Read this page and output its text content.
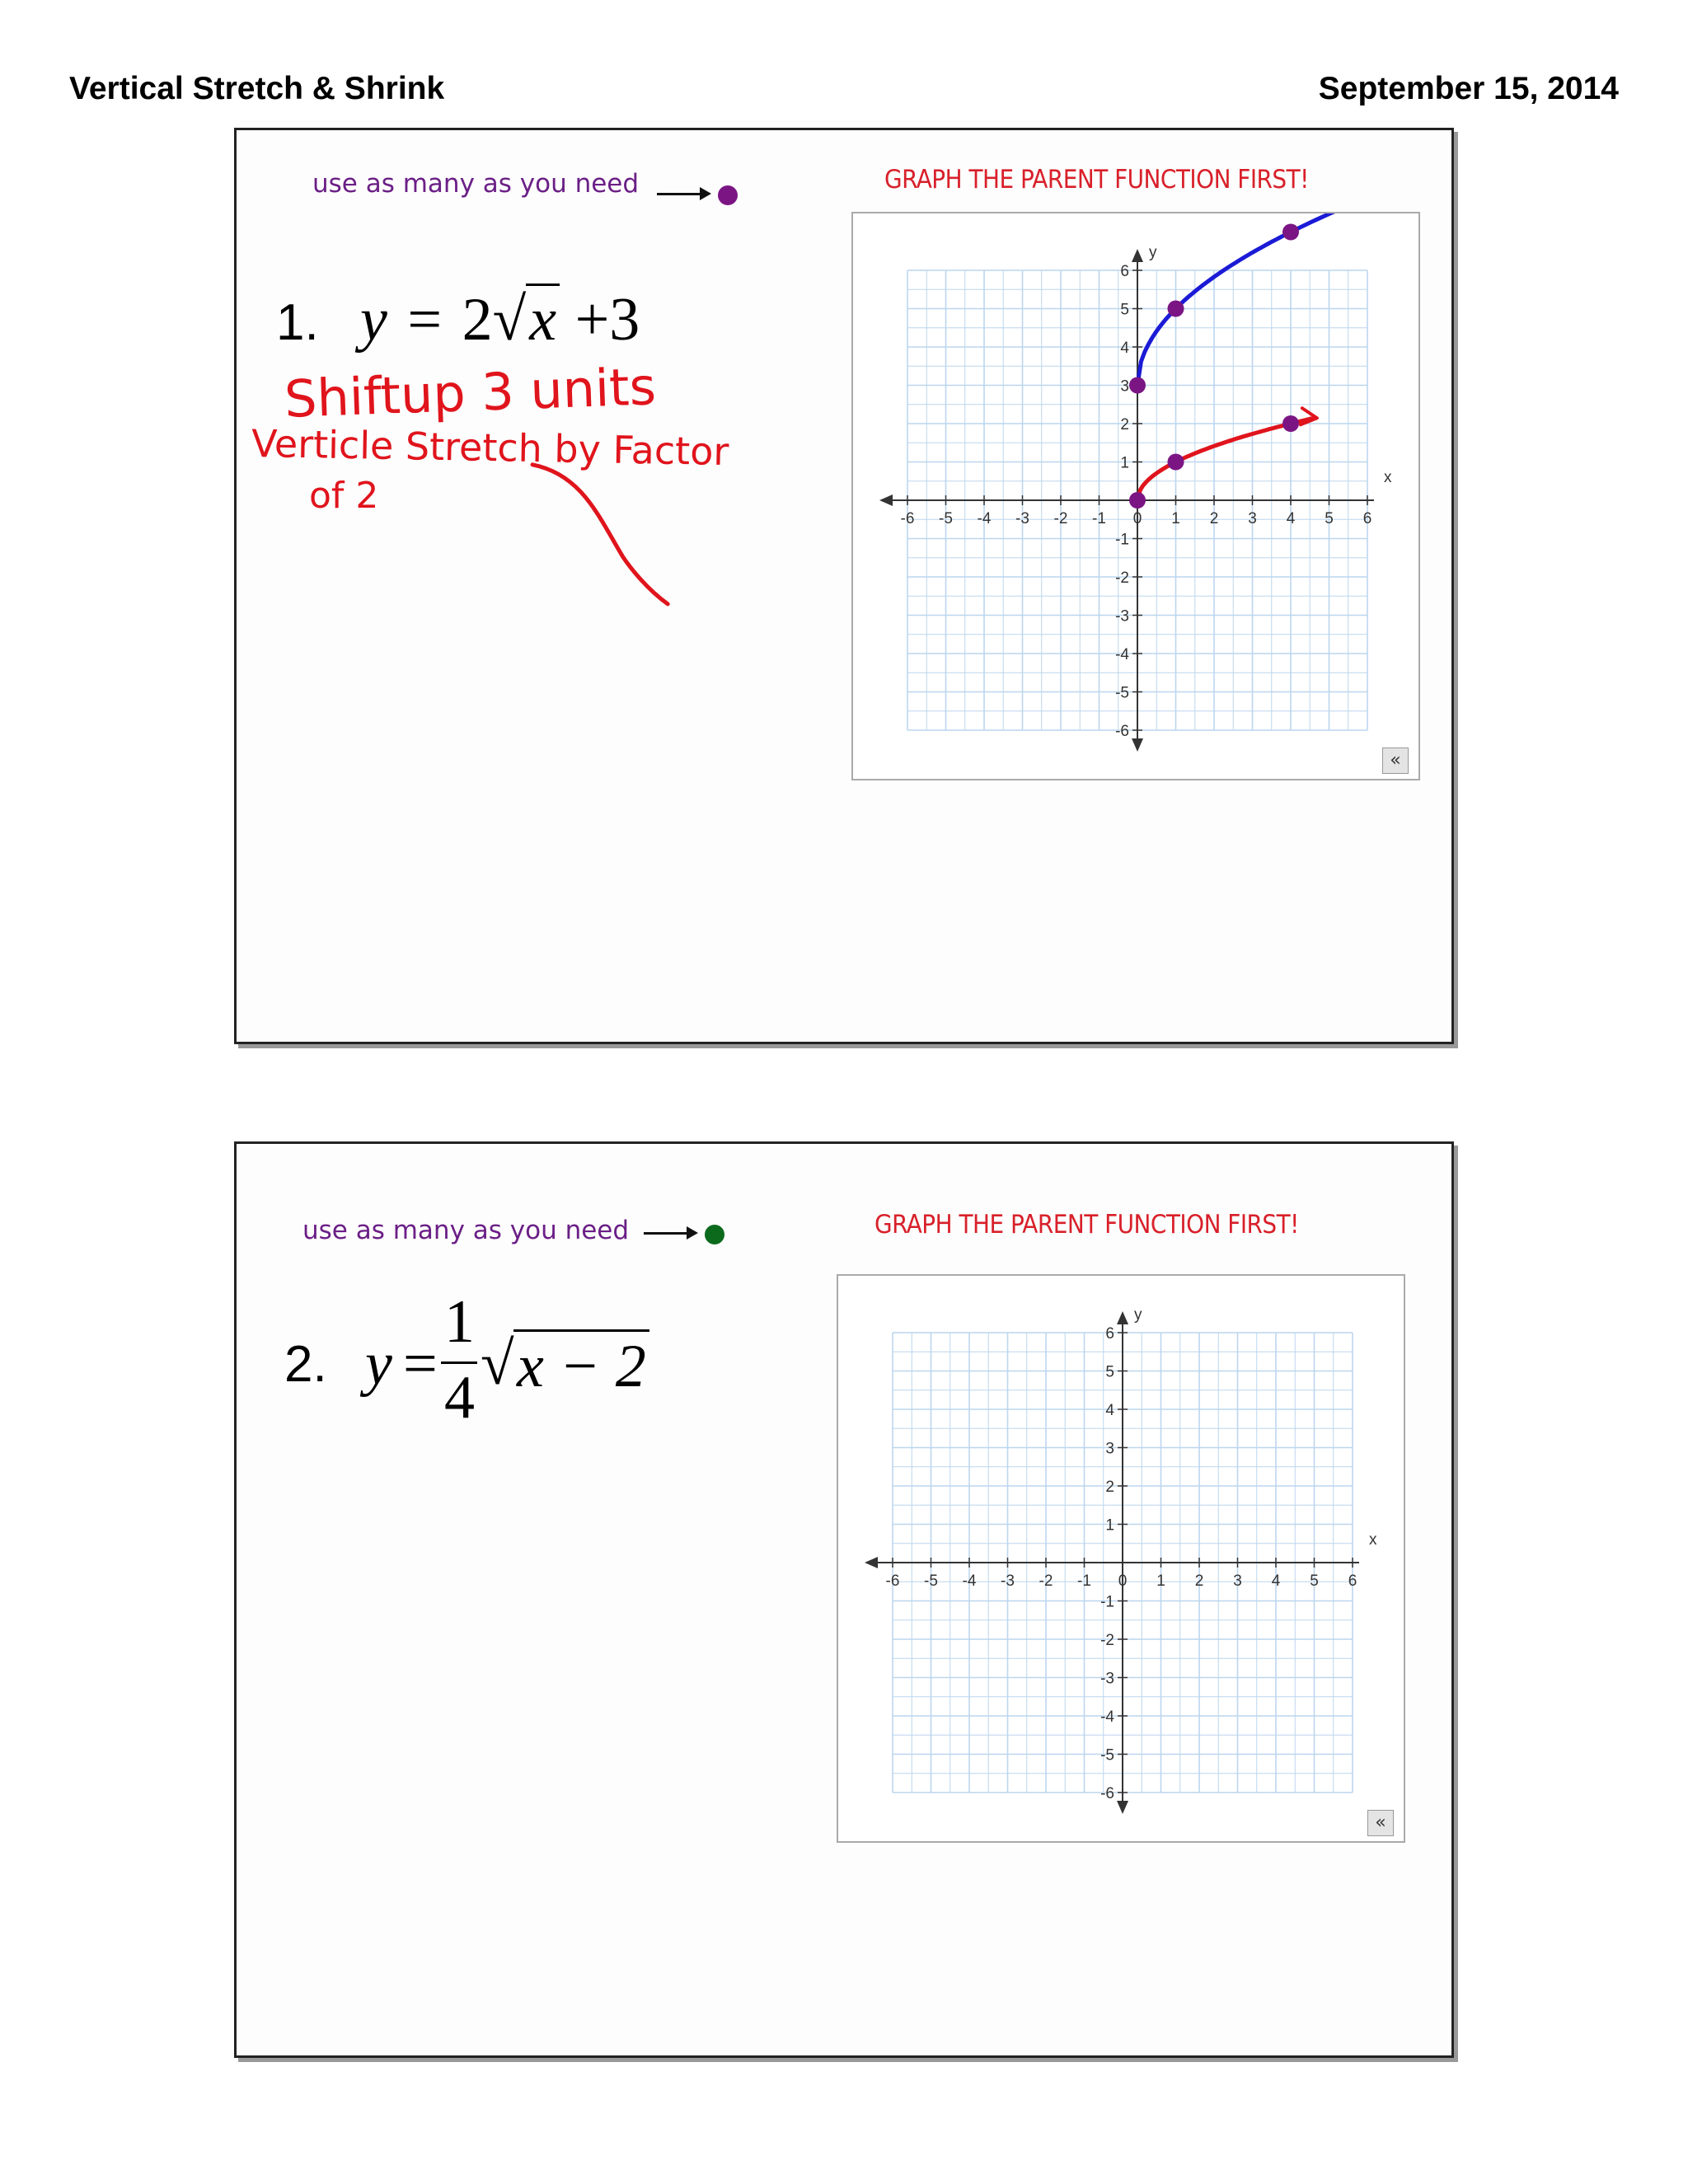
Vertical Stretch & Shrink	September 15, 2014
use as many as you need	GRAPH THE PARENT FUNCTION FIRST!
1. y = 2√x +3
Shiftup 3 units
Verticle Stretch by Factor
of 2
-6 -5 -4 -3 -2 -1 0 1 2 3 4 5 6
-6
-5
-4
-3
-2
-1
1
2
3
4
5
6
x
y
«
use as many as you need	GRAPH THE PARENT FUNCTION FIRST!
2. y =
1
4 √ x − 2
-6 -5 -4 -3 -2 -1 0 1 2 3 4 5 6
-6
-5
-4
-3
-2
-1
1
2
3
4
5
6
x
y
«
